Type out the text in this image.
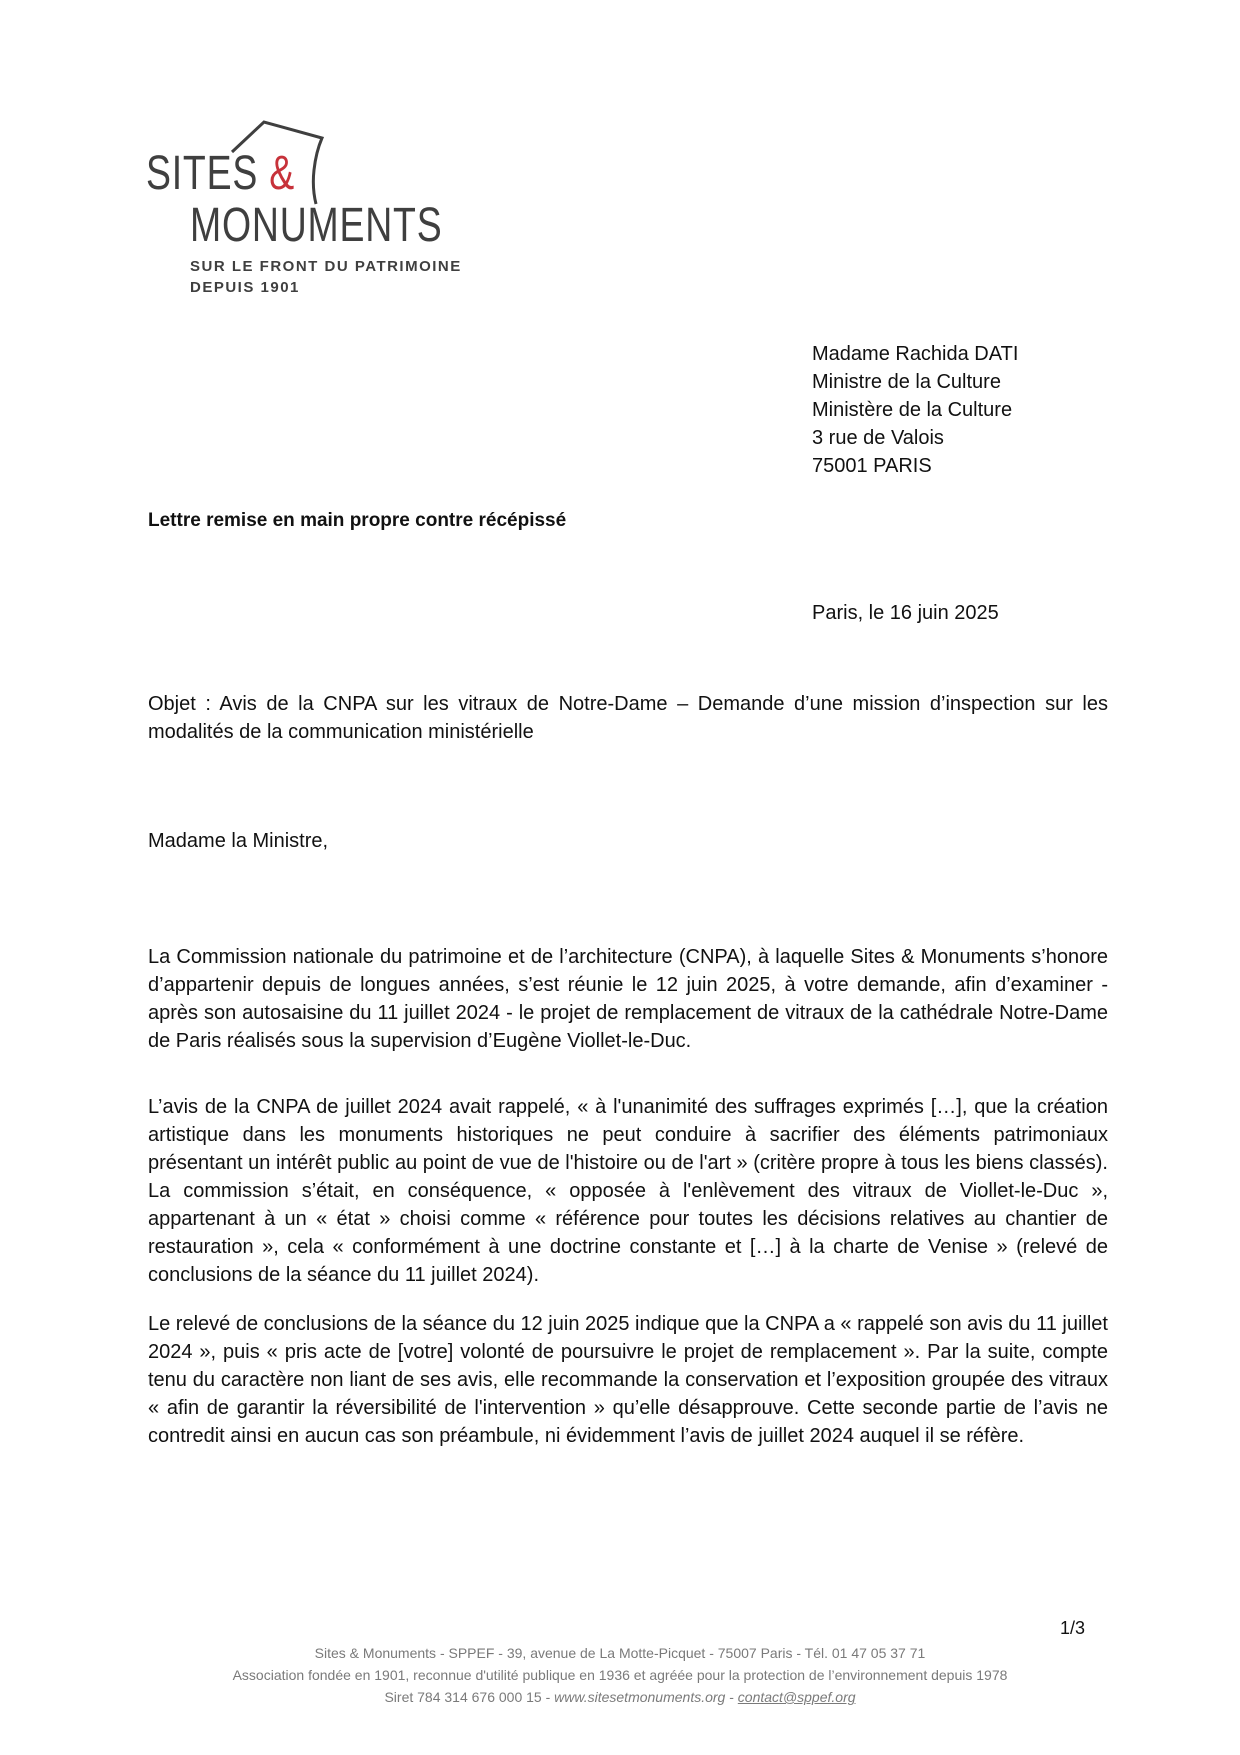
SITES &
MONUMENTS
SUR LE FRONT DU PATRIMOINE
DEPUIS 1901
Madame Rachida DATI
Ministre de la Culture
Ministère de la Culture
3 rue de Valois
75001 PARIS
Lettre remise en main propre contre récépissé
Paris, le 16 juin 2025
Objet : Avis de la CNPA sur les vitraux de Notre-Dame – Demande d’une mission d’inspection sur les modalités de la communication ministérielle
Madame la Ministre,
La Commission nationale du patrimoine et de l’architecture (CNPA), à laquelle Sites & Monuments s’honore d’appartenir depuis de longues années, s’est réunie le 12 juin 2025, à votre demande, afin d’examiner - après son autosaisine du 11 juillet 2024 - le projet de remplacement de vitraux de la cathédrale Notre-Dame de Paris réalisés sous la supervision d’Eugène Viollet-le-Duc.
L’avis de la CNPA de juillet 2024 avait rappelé, « à l'unanimité des suffrages exprimés […], que la création artistique dans les monuments historiques ne peut conduire à sacrifier des éléments patrimoniaux présentant un intérêt public au point de vue de l'histoire ou de l'art » (critère propre à tous les biens classés). La commission s’était, en conséquence, « opposée à l'enlèvement des vitraux de Viollet-le-Duc », appartenant à un « état » choisi comme « référence pour toutes les décisions relatives au chantier de restauration », cela « conformément à une doctrine constante et […] à la charte de Venise » (relevé de conclusions de la séance du 11 juillet 2024).
Le relevé de conclusions de la séance du 12 juin 2025 indique que la CNPA a « rappelé son avis du 11 juillet 2024 », puis « pris acte de [votre] volonté de poursuivre le projet de remplacement ». Par la suite, compte tenu du caractère non liant de ses avis, elle recommande la conservation et l’exposition groupée des vitraux « afin de garantir la réversibilité de l'intervention » qu’elle désapprouve. Cette seconde partie de l’avis ne contredit ainsi en aucun cas son préambule, ni évidemment l’avis de juillet 2024 auquel il se réfère.
1/3
Sites & Monuments - SPPEF - 39, avenue de La Motte-Picquet - 75007 Paris - Tél. 01 47 05 37 71
Association fondée en 1901, reconnue d'utilité publique en 1936 et agréée pour la protection de l’environnement depuis 1978
Siret 784 314 676 000 15 - www.sitesetmonuments.org - contact@sppef.org
